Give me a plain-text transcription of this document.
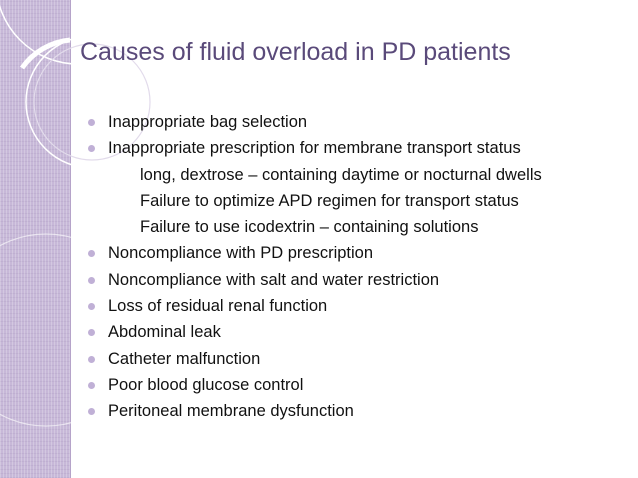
Causes of fluid overload in PD patients
Inappropriate bag selection
Inappropriate prescription for membrane transport status
long, dextrose – containing daytime or nocturnal dwells
Failure to optimize APD regimen for transport status
Failure to use icodextrin – containing solutions
Noncompliance with PD prescription
Noncompliance with salt and water restriction
Loss of residual renal function
Abdominal leak
Catheter malfunction
Poor blood glucose control
Peritoneal membrane dysfunction
